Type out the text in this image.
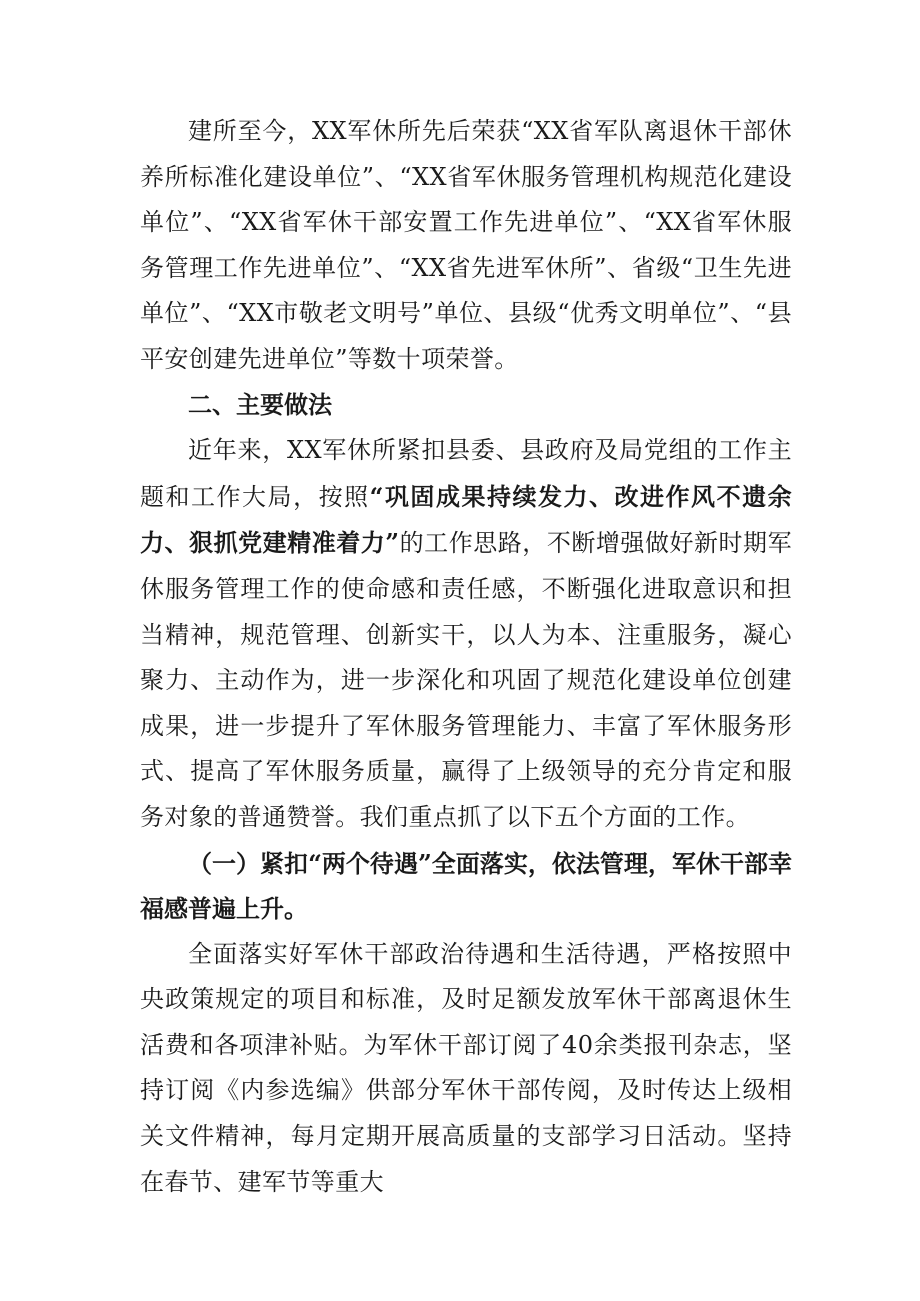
建所至今，XX军休所先后荣获“XX省军队离退休干部休养所标准化建设单位”、“XX省军休服务管理机构规范化建设单位”、“XX省军休干部安置工作先进单位”、“XX省军休服务管理工作先进单位”、“XX省先进军休所”、省级“卫生先进单位”、“XX市敬老文明号”单位、县级“优秀文明单位”、“县平安创建先进单位”等数十项荣誉。

二、主要做法

近年来，XX军休所紧扣县委、县政府及局党组的工作主题和工作大局，按照“巩固成果持续发力、改进作风不遗余力、狠抓党建精准着力”的工作思路，不断增强做好新时期军休服务管理工作的使命感和责任感，不断强化进取意识和担当精神，规范管理、创新实干，以人为本、注重服务，凝心聚力、主动作为，进一步深化和巩固了规范化建设单位创建成果，进一步提升了军休服务管理能力、丰富了军休服务形式、提高了军休服务质量，赢得了上级领导的充分肯定和服务对象的普通赞誉。我们重点抓了以下五个方面的工作。

（一）紧扣“两个待遇”全面落实，依法管理，军休干部幸福感普遍上升。

全面落实好军休干部政治待遇和生活待遇，严格按照中央政策规定的项目和标准，及时足额发放军休干部离退休生活费和各项津补贴。为军休干部订阅了40余类报刊杂志，坚持订阅《内参选编》供部分军休干部传阅，及时传达上级相关文件精神，每月定期开展高质量的支部学习日活动。坚持在春节、建军节等重大
